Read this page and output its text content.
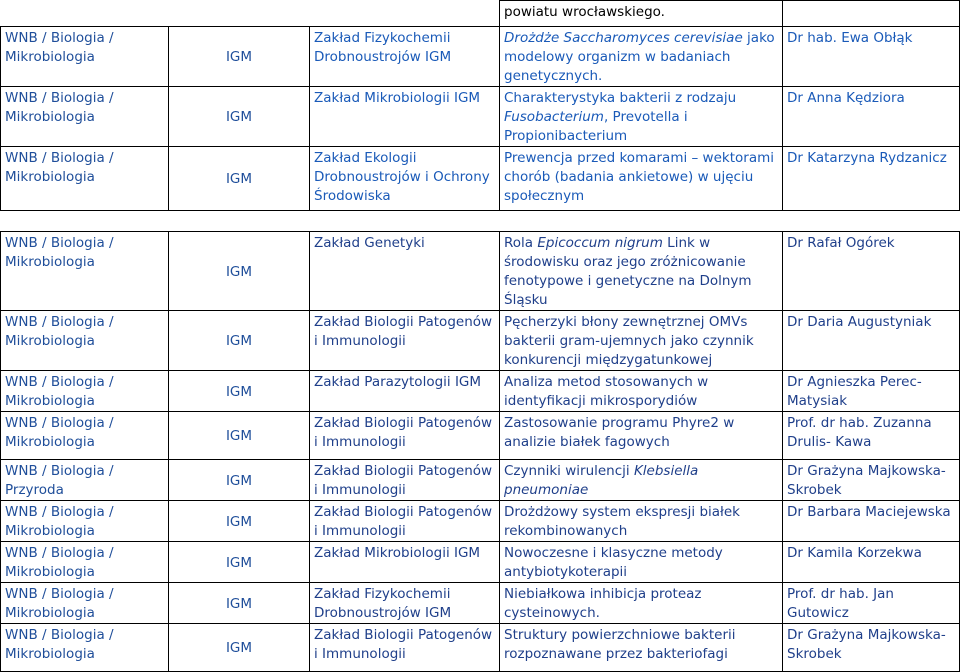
			powiatu wrocławskiego.	
WNB / Biologia / Mikrobiologia	IGM	Zakład Fizykochemii Drobnoustrojów IGM	Drożdże Saccharomyces cerevisiae jako modelowy organizm w badaniach genetycznych.	Dr hab. Ewa Obłąk
WNB / Biologia / Mikrobiologia	IGM	Zakład Mikrobiologii IGM	Charakterystyka bakterii z rodzaju Fusobacterium, Prevotella i Propionibacterium	Dr Anna Kędziora
WNB / Biologia / Mikrobiologia	IGM	Zakład Ekologii Drobnoustrojów i Ochrony Środowiska	Prewencja przed komarami – wektorami chorób (badania ankietowe) w ujęciu społecznym	Dr Katarzyna Rydzanicz

WNB / Biologia / Mikrobiologia	IGM	Zakład Genetyki	Rola Epicoccum nigrum Link w środowisku oraz jego zróżnicowanie fenotypowe i genetyczne na Dolnym Śląsku	Dr Rafał Ogórek
WNB / Biologia / Mikrobiologia	IGM	Zakład Biologii Patogenów i Immunologii	Pęcherzyki błony zewnętrznej OMVs bakterii gram-ujemnych jako czynnik konkurencji międzygatunkowej	Dr Daria Augustyniak
WNB / Biologia / Mikrobiologia	IGM	Zakład Parazytologii IGM	Analiza metod stosowanych w identyfikacji mikrosporydiów	Dr Agnieszka Perec-Matysiak
WNB / Biologia / Mikrobiologia	IGM	Zakład Biologii Patogenów i Immunologii	Zastosowanie programu Phyre2 w analizie białek fagowych	Prof. dr hab. Zuzanna Drulis- Kawa
WNB / Biologia / Przyroda	IGM	Zakład Biologii Patogenów i Immunologii	Czynniki wirulencji Klebsiella pneumoniae	Dr Grażyna Majkowska-Skrobek
WNB / Biologia / Mikrobiologia	IGM	Zakład Biologii Patogenów i Immunologii	Drożdżowy system ekspresji białek rekombinowanych	Dr Barbara Maciejewska
WNB / Biologia / Mikrobiologia	IGM	Zakład Mikrobiologii IGM	Nowoczesne i klasyczne metody antybiotykoterapii	Dr Kamila Korzekwa
WNB / Biologia / Mikrobiologia	IGM	Zakład Fizykochemii Drobnoustrojów IGM	Niebiałkowa inhibicja proteaz cysteinowych.	Prof. dr hab. Jan Gutowicz
WNB / Biologia / Mikrobiologia	IGM	Zakład Biologii Patogenów i Immunologii	Struktury powierzchniowe bakterii rozpoznawane przez bakteriofagi	Dr Grażyna Majkowska-Skrobek
